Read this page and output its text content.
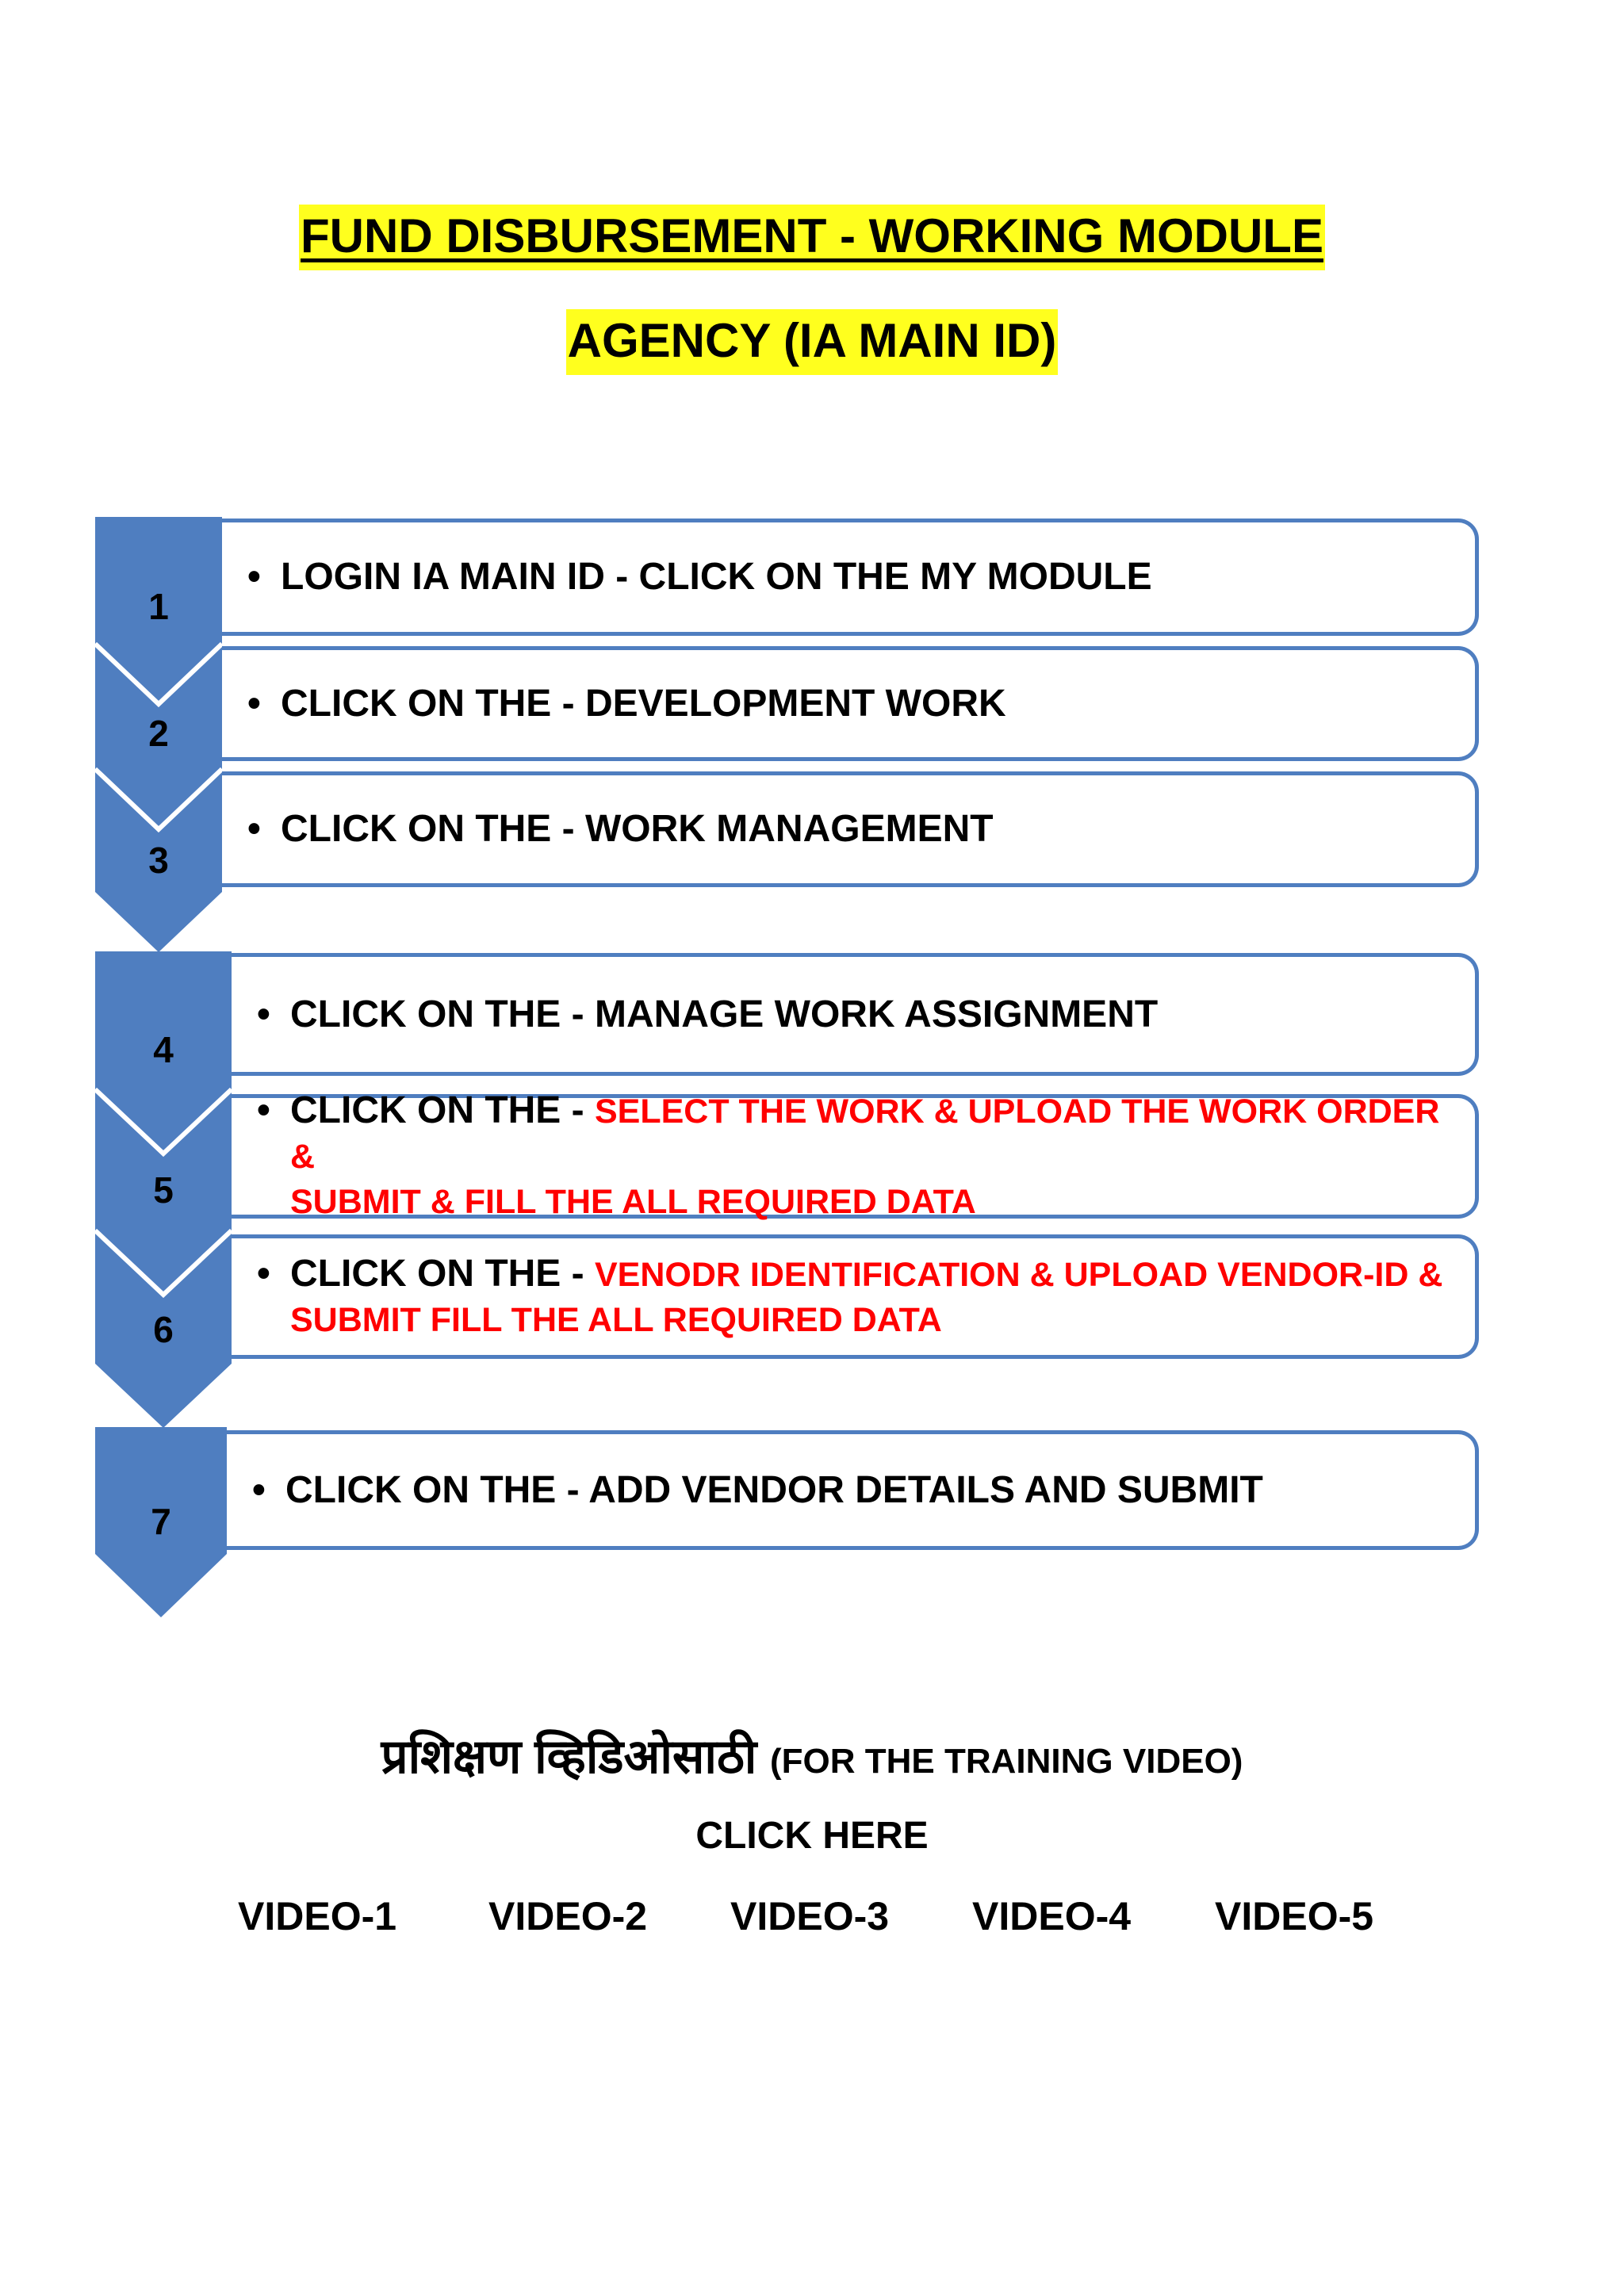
FUND DISBURSEMENT - WORKING MODULE
AGENCY (IA MAIN ID)
1
2
3
4
5
6
7
• LOGIN IA MAIN ID - CLICK ON THE MY MODULE
• CLICK ON THE - DEVELOPMENT WORK
• CLICK ON THE - WORK MANAGEMENT
• CLICK ON THE - MANAGE WORK ASSIGNMENT
• CLICK ON THE - SELECT THE WORK & UPLOAD THE WORK ORDER &
SUBMIT & FILL THE ALL REQUIRED DATA
• CLICK ON THE - VENODR IDENTIFICATION & UPLOAD VENDOR-ID &
SUBMIT FILL THE ALL REQUIRED DATA
• CLICK ON THE - ADD VENDOR DETAILS AND SUBMIT
प्रशिक्षण व्हिडिओसाठी (FOR THE TRAINING VIDEO)
CLICK HERE
VIDEO-1 VIDEO-2 VIDEO-3 VIDEO-4 VIDEO-5
